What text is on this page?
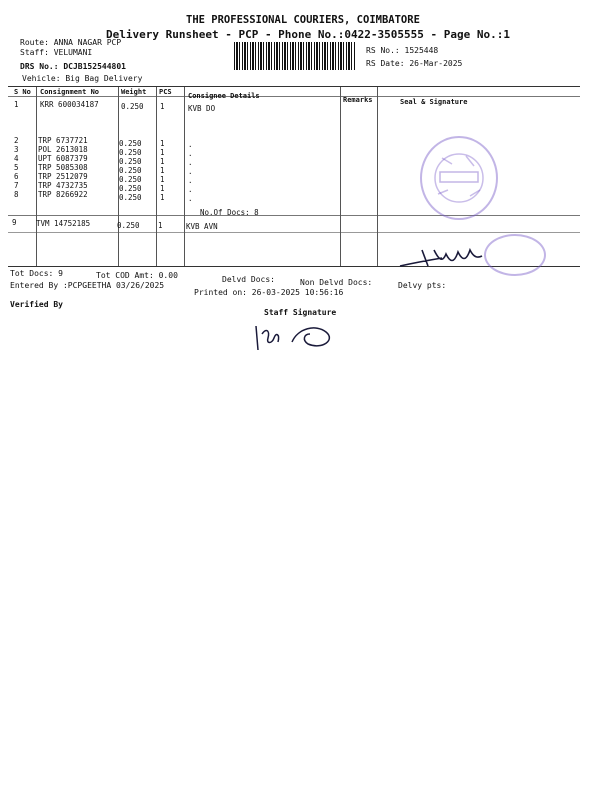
THE PROFESSIONAL COURIERS, COIMBATORE
Delivery Runsheet - PCP - Phone No.:0422-3505555 - Page No.:1
Route: ANNA NAGAR PCP
Staff: VELUMANI
DRS No.: DCJB152544801
Vehicle: Big Bag Delivery
RS No.: 1525448
RS Date: 26-Mar-2025
S No Consignment No	Weight PCS Consignee Details	Remarks	Seal & Signature
1	KRR 600034187	0.250 1	KVB DO
2	TRP 6737721	0.250 1	.
3	POL 2613018	0.250 1	.
4	UPT 6087379	0.250 1	.
5	TRP 5085308	0.250 1	.
6	TRP 2512079	0.250 1	.
7	TRP 4732735	0.250 1	.
8	TRP 8266922	0.250 1	.
No.Of Docs: 8
9	TVM 14752185	0.250 1	KVB AVN
Tot Docs: 9	Tot COD Amt: 0.00	Delvd Docs:	Non Delvd Docs:	Delvy pts:
Entered By :PCPGEETHA 03/26/2025
Printed on: 26-03-2025 10:56:16
Verified By
Staff Signature
